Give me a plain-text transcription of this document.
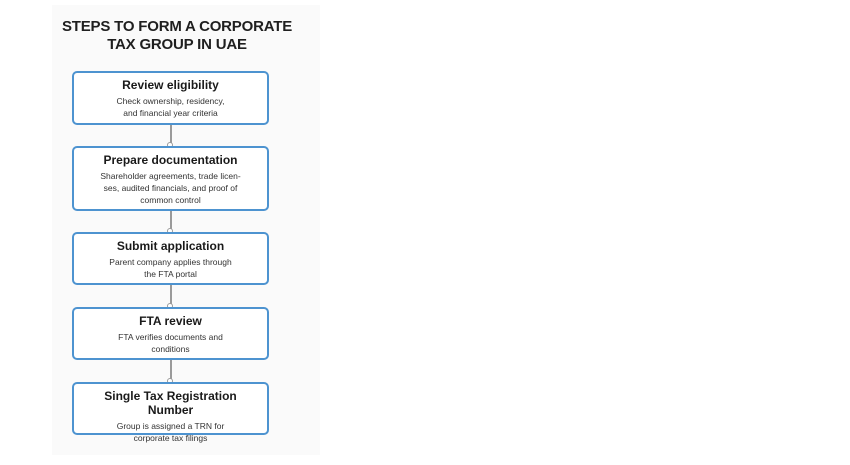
STEPS TO FORM A CORPORATE
TAX GROUP IN UAE
Review eligibility
Check ownership, residency,
and financial year criteria
Prepare documentation
Shareholder agreements, trade licen-
ses, audited financials, and proof of
common control
Submit application
Parent company applies through
the FTA portal
FTA review
FTA verifies documents and
conditions
Single Tax Registration Number
Group is assigned a TRN for
corporate tax filings
